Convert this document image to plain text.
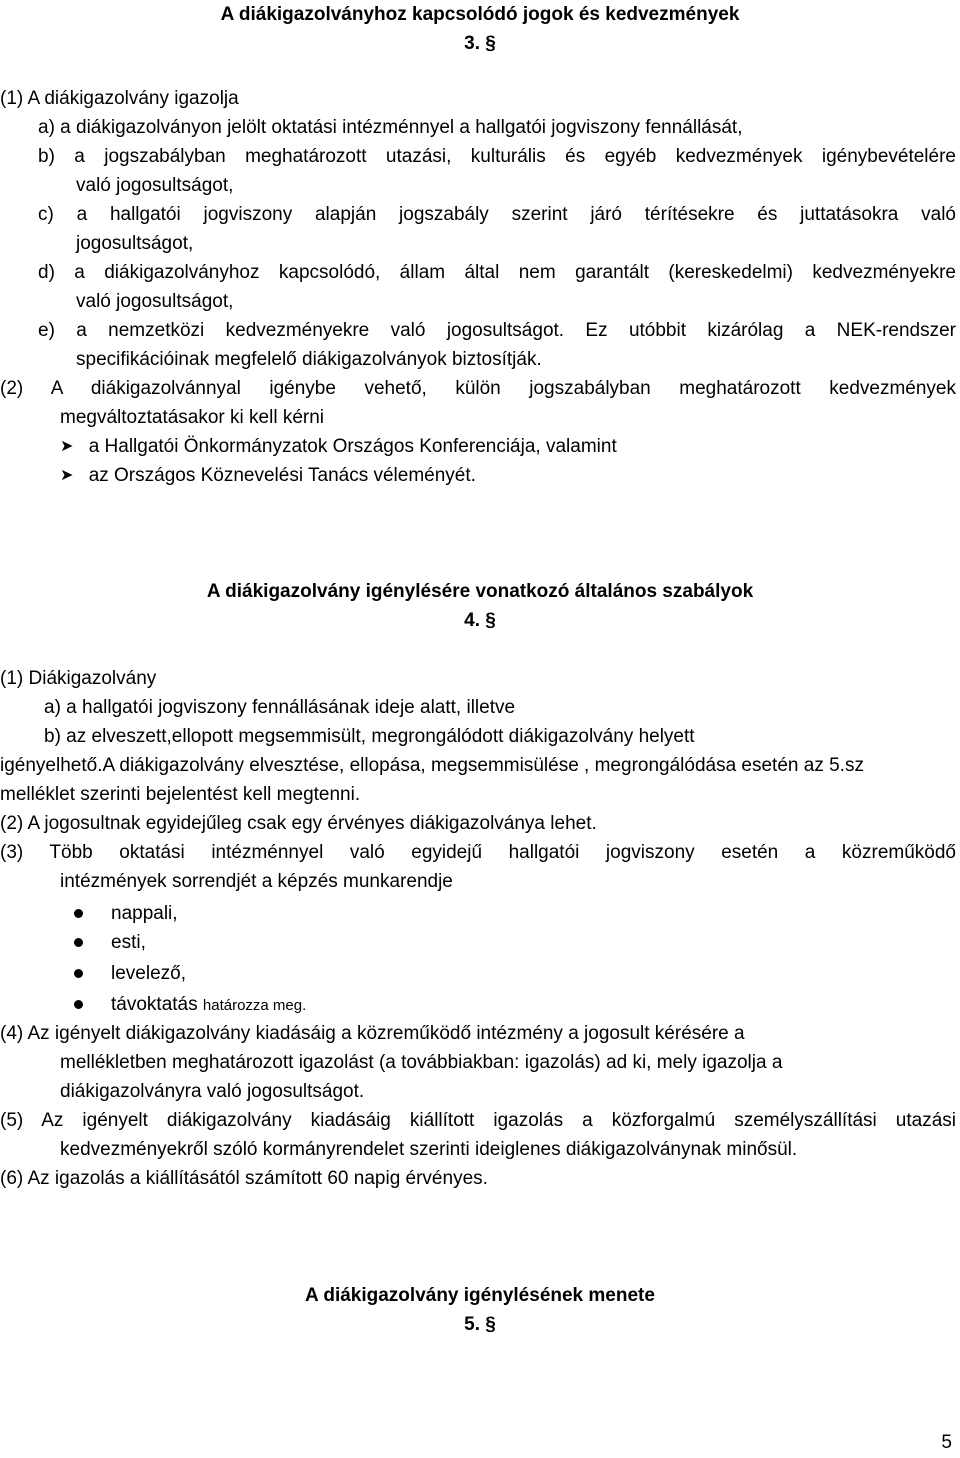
A diákigazolványhoz kapcsolódó jogok és kedvezmények
3. §
(1) A diákigazolvány igazolja
a) a diákigazolványon jelölt oktatási intézménnyel a hallgatói jogviszony fennállását,
b) a jogszabályban meghatározott utazási, kulturális és egyéb kedvezmények igénybevételére
való jogosultságot,
c) a hallgatói jogviszony alapján jogszabály szerint járó térítésekre és juttatásokra való
jogosultságot,
d) a diákigazolványhoz kapcsolódó, állam által nem garantált (kereskedelmi) kedvezményekre
való jogosultságot,
e) a nemzetközi kedvezményekre való jogosultságot. Ez utóbbit kizárólag a NEK-rendszer
specifikációinak megfelelő diákigazolványok biztosítják.
(2) A diákigazolvánnyal igénybe vehető, külön jogszabályban meghatározott kedvezmények
megváltoztatásakor ki kell kérni
➤ a Hallgatói Önkormányzatok Országos Konferenciája, valamint
➤ az Országos Köznevelési Tanács véleményét.
A diákigazolvány igénylésére vonatkozó általános szabályok
4. §
(1) Diákigazolvány
a) a hallgatói jogviszony fennállásának ideje alatt, illetve
b) az elveszett,ellopott megsemmisült, megrongálódott diákigazolvány helyett
igényelhető.A diákigazolvány elvesztése, ellopása, megsemmisülése , megrongálódása esetén az 5.sz
melléklet szerinti bejelentést kell megtenni.
(2) A jogosultnak egyidejűleg csak egy érvényes diákigazolványa lehet.
(3) Több oktatási intézménnyel való egyidejű hallgatói jogviszony esetén a közreműködő
intézmények sorrendjét a képzés munkarendje
nappali,
esti,
levelező,
távoktatás határozza meg.
(4) Az igényelt diákigazolvány kiadásáig a közreműködő intézmény a jogosult kérésére a
mellékletben meghatározott igazolást (a továbbiakban: igazolás) ad ki, mely igazolja a
diákigazolványra való jogosultságot.
(5) Az igényelt diákigazolvány kiadásáig kiállított igazolás a közforgalmú személyszállítási utazási
kedvezményekről szóló kormányrendelet szerinti ideiglenes diákigazolványnak minősül.
(6) Az igazolás a kiállításától számított 60 napig érvényes.
A diákigazolvány igénylésének menete
5. §
5
